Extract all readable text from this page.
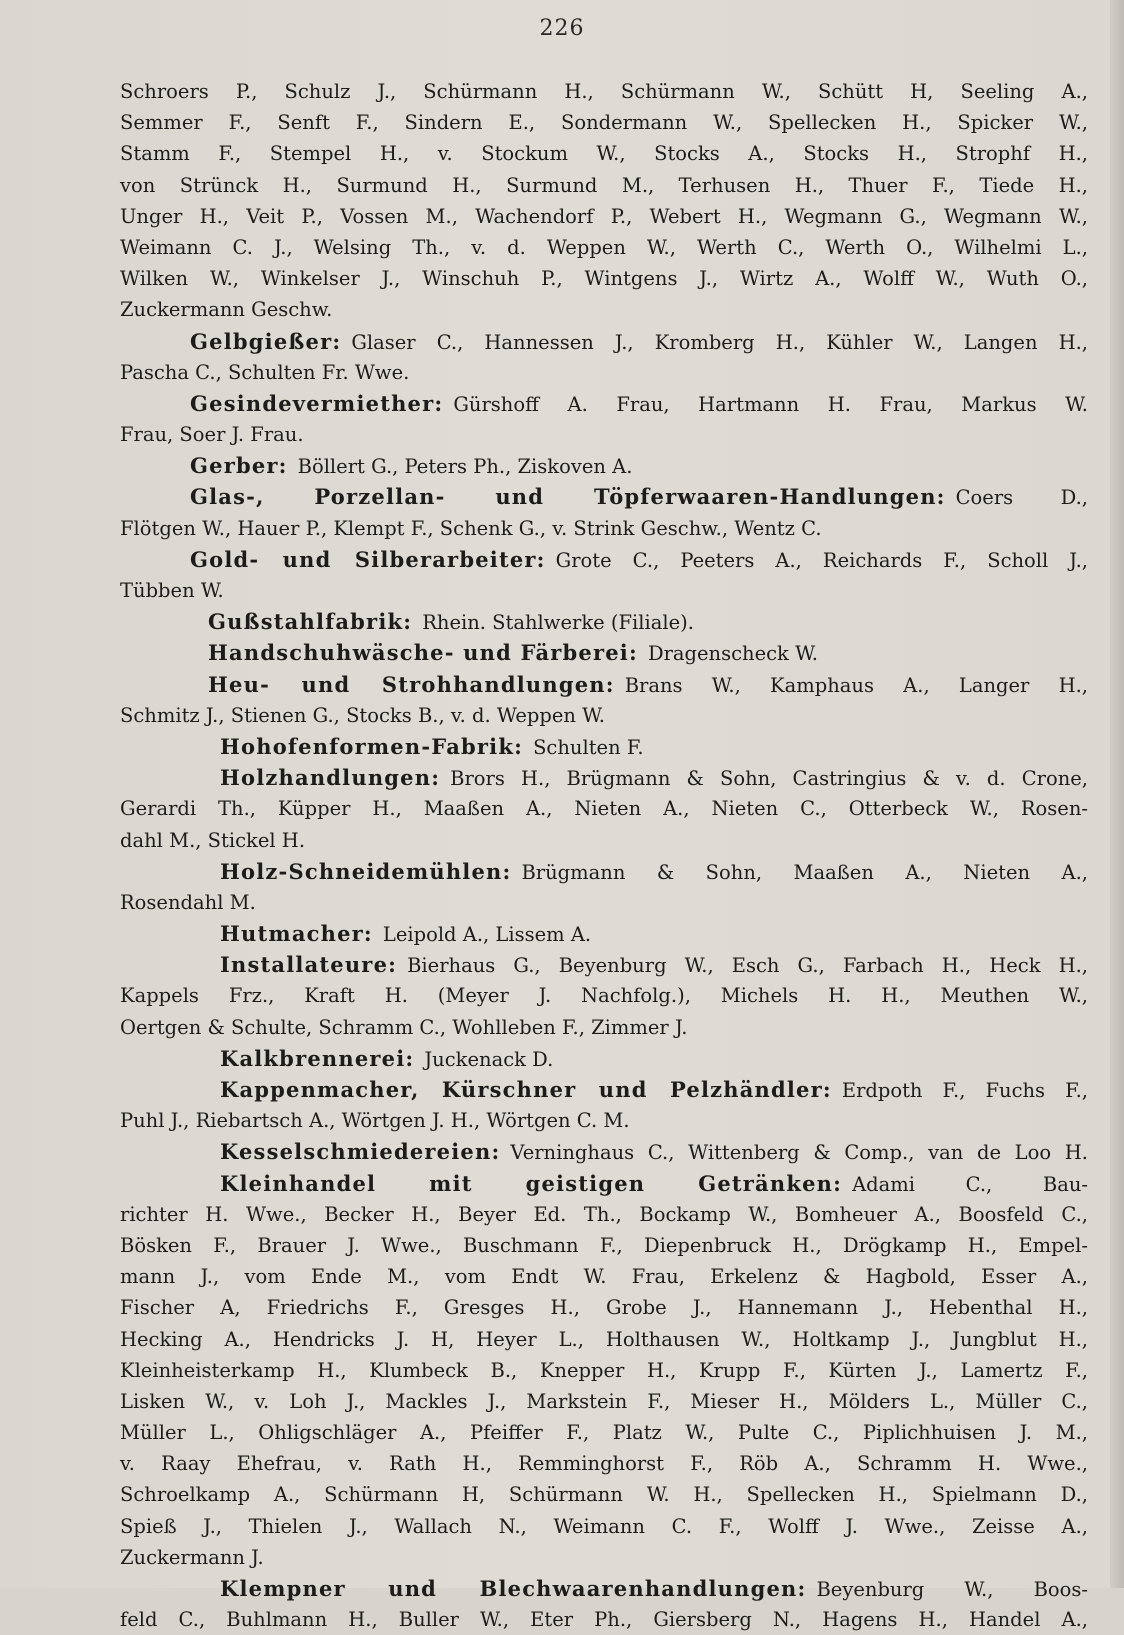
226
Schroers P., Schulz J., Schürmann H., Schürmann W., Schütt H, Seeling A.,
Semmer F., Senft F., Sindern E., Sondermann W., Spellecken H., Spicker W.,
Stamm F., Stempel H., v. Stockum W., Stocks A., Stocks H., Strophf H.,
von Strünck H., Surmund H., Surmund M., Terhusen H., Thuer F., Tiede H.,
Unger H., Veit P., Vossen M., Wachendorf P., Webert H., Wegmann G., Wegmann W.,
Weimann C. J., Welsing Th., v. d. Weppen W., Werth C., Werth O., Wilhelmi L.,
Wilken W., Winkelser J., Winschuh P., Wintgens J., Wirtz A., Wolff W., Wuth O.,
Zuckermann Geschw.
Gelbgießer: Glaser C., Hannessen J., Kromberg H., Kühler W., Langen H.,
Pascha C., Schulten Fr. Wwe.
Gesindevermiether: Gürshoff A. Frau, Hartmann H. Frau, Markus W.
Frau, Soer J. Frau.
Gerber: Böllert G., Peters Ph., Ziskoven A.
Glas-, Porzellan- und Töpferwaaren-Handlungen: Coers D.,
Flötgen W., Hauer P., Klempt F., Schenk G., v. Strink Geschw., Wentz C.
Gold- und Silberarbeiter: Grote C., Peeters A., Reichards F., Scholl J.,
Tübben W.
Gußstahlfabrik: Rhein. Stahlwerke (Filiale).
Handschuhwäsche- und Färberei: Dragenscheck W.
Heu- und Strohhandlungen: Brans W., Kamphaus A., Langer H.,
Schmitz J., Stienen G., Stocks B., v. d. Weppen W.
Hohofenformen-Fabrik: Schulten F.
Holzhandlungen: Brors H., Brügmann & Sohn, Castringius & v. d. Crone,
Gerardi Th., Küpper H., Maaßen A., Nieten A., Nieten C., Otterbeck W., Rosen-
dahl M., Stickel H.
Holz-Schneidemühlen: Brügmann & Sohn, Maaßen A., Nieten A.,
Rosendahl M.
Hutmacher: Leipold A., Lissem A.
Installateure: Bierhaus G., Beyenburg W., Esch G., Farbach H., Heck H.,
Kappels Frz., Kraft H. (Meyer J. Nachfolg.), Michels H. H., Meuthen W.,
Oertgen & Schulte, Schramm C., Wohlleben F., Zimmer J.
Kalkbrennerei: Juckenack D.
Kappenmacher, Kürschner und Pelzhändler: Erdpoth F., Fuchs F.,
Puhl J., Riebartsch A., Wörtgen J. H., Wörtgen C. M.
Kesselschmiedereien: Verninghaus C., Wittenberg & Comp., van de Loo H.
Kleinhandel mit geistigen Getränken: Adami C., Bau-
richter H. Wwe., Becker H., Beyer Ed. Th., Bockamp W., Bomheuer A., Boosfeld C.,
Bösken F., Brauer J. Wwe., Buschmann F., Diepenbruck H., Drögkamp H., Empel-
mann J., vom Ende M., vom Endt W. Frau, Erkelenz & Hagbold, Esser A.,
Fischer A, Friedrichs F., Gresges H., Grobe J., Hannemann J., Hebenthal H.,
Hecking A., Hendricks J. H, Heyer L., Holthausen W., Holtkamp J., Jungblut H.,
Kleinheisterkamp H., Klumbeck B., Knepper H., Krupp F., Kürten J., Lamertz F.,
Lisken W., v. Loh J., Mackles J., Markstein F., Mieser H., Mölders L., Müller C.,
Müller L., Ohligschläger A., Pfeiffer F., Platz W., Pulte C., Piplichhuisen J. M.,
v. Raay Ehefrau, v. Rath H., Remminghorst F., Röb A., Schramm H. Wwe.,
Schroelkamp A., Schürmann H, Schürmann W. H., Spellecken H., Spielmann D.,
Spieß J., Thielen J., Wallach N., Weimann C. F., Wolff J. Wwe., Zeisse A.,
Zuckermann J.
Klempner und Blechwaarenhandlungen: Beyenburg W., Boos-
feld C., Buhlmann H., Buller W., Eter Ph., Giersberg N., Hagens H., Handel A.,
